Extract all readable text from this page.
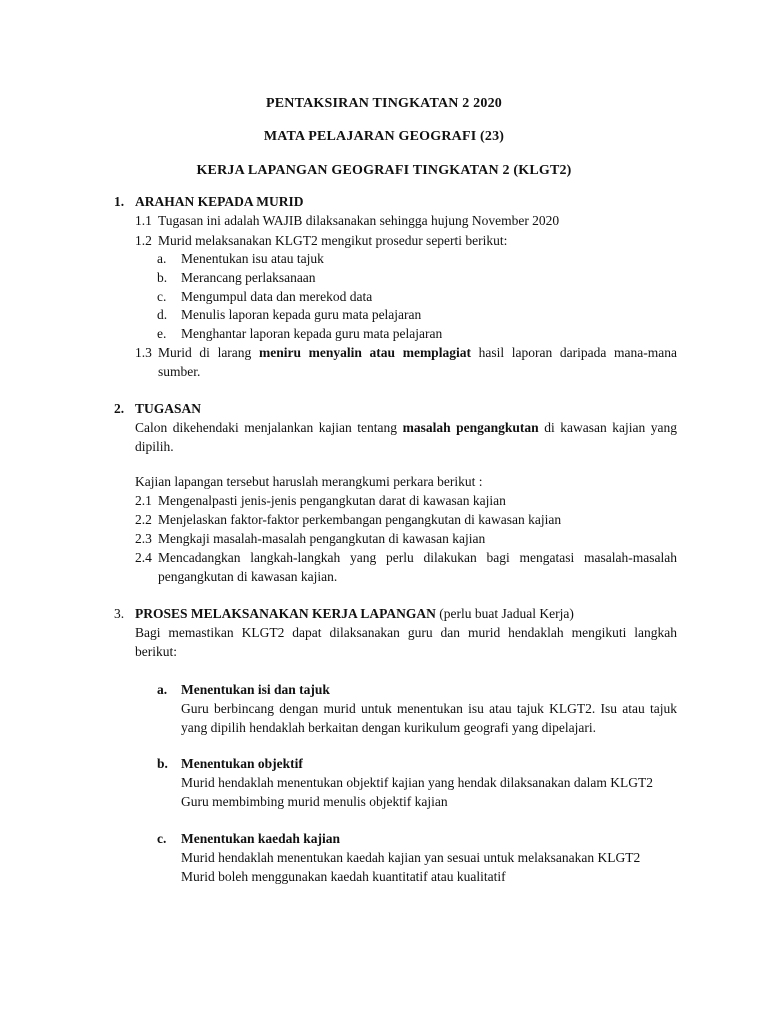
PENTAKSIRAN TINGKATAN 2 2020
MATA PELAJARAN GEOGRAFI (23)
KERJA LAPANGAN GEOGRAFI TINGKATAN 2 (KLGT2)
1. ARAHAN KEPADA MURID
1.1 Tugasan ini adalah WAJIB dilaksanakan sehingga hujung November 2020
1.2 Murid melaksanakan KLGT2 mengikut prosedur seperti berikut:
a. Menentukan isu atau tajuk
b. Merancang perlaksanaan
c. Mengumpul data dan merekod data
d. Menulis laporan kepada guru mata pelajaran
e. Menghantar laporan kepada guru mata pelajaran
1.3 Murid di larang meniru menyalin atau memplagiat hasil laporan daripada mana-mana
sumber.
2. TUGASAN
Calon dikehendaki menjalankan kajian tentang masalah pengangkutan di kawasan kajian yang
dipilih.
Kajian lapangan tersebut haruslah merangkumi perkara berikut :
2.1 Mengenalpasti jenis-jenis pengangkutan darat di kawasan kajian
2.2 Menjelaskan faktor-faktor perkembangan pengangkutan di kawasan kajian
2.3 Mengkaji masalah-masalah pengangkutan di kawasan kajian
2.4 Mencadangkan langkah-langkah yang perlu dilakukan bagi mengatasi masalah-masalah
pengangkutan di kawasan kajian.
3. PROSES MELAKSANAKAN KERJA LAPANGAN (perlu buat Jadual Kerja)
Bagi memastikan KLGT2 dapat dilaksanakan guru dan murid hendaklah mengikuti langkah
berikut:
a. Menentukan isi dan tajuk
Guru berbincang dengan murid untuk menentukan isu atau tajuk KLGT2. Isu atau tajuk
yang dipilih hendaklah berkaitan dengan kurikulum geografi yang dipelajari.
b. Menentukan objektif
Murid hendaklah menentukan objektif kajian yang hendak dilaksanakan dalam KLGT2
Guru membimbing murid menulis objektif kajian
c. Menentukan kaedah kajian
Murid hendaklah menentukan kaedah kajian yan sesuai untuk melaksanakan KLGT2
Murid boleh menggunakan kaedah kuantitatif atau kualitatif
